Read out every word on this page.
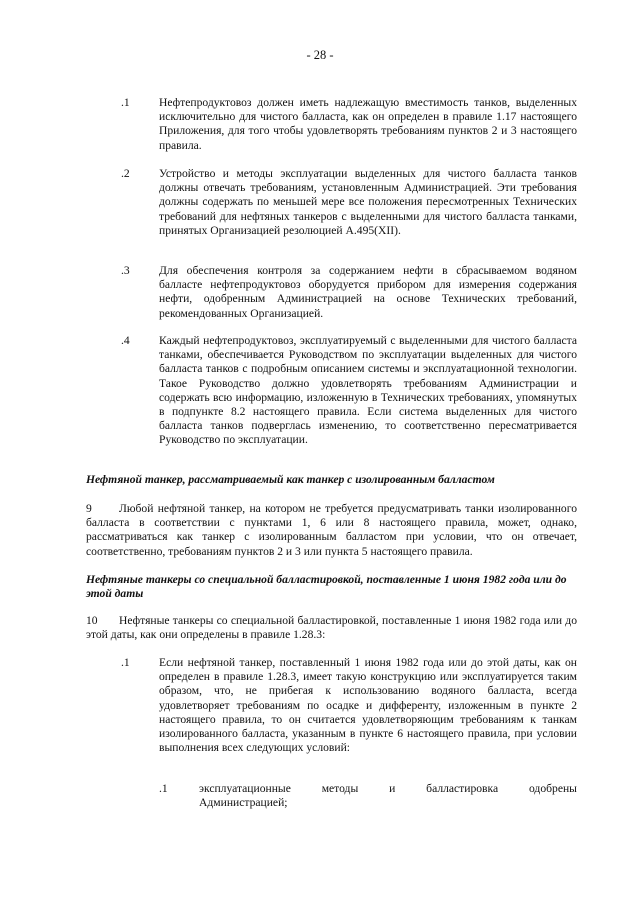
- 28 -
.1	Нефтепродуктовоз должен иметь надлежащую вместимость танков, выделенных исключительно для чистого балласта, как он определен в правиле 1.17 настоящего Приложения, для того чтобы удовлетворять требованиям пунктов 2 и 3 настоящего правила.
.2	Устройство и методы эксплуатации выделенных для чистого балласта танков должны отвечать требованиям, установленным Администрацией. Эти требования должны содержать по меньшей мере все положения пересмотренных Технических требований для нефтяных танкеров с выделенными для чистого балласта танками, принятых Организацией резолюцией А.495(XII).
.3	Для обеспечения контроля за содержанием нефти в сбрасываемом водяном балласте нефтепродуктовоз оборудуется прибором для измерения содержания нефти, одобренным Администрацией на основе Технических требований, рекомендованных Организацией.
.4	Каждый нефтепродуктовоз, эксплуатируемый с выделенными для чистого балласта танками, обеспечивается Руководством по эксплуатации выделенных для чистого балласта танков с подробным описанием системы и эксплуатационной технологии. Такое Руководство должно удовлетворять требованиям Администрации и содержать всю информацию, изложенную в Технических требованиях, упомянутых в подпункте 8.2 настоящего правила. Если система выделенных для чистого балласта танков подверглась изменению, то соответственно пересматривается Руководство по эксплуатации.
Нефтяной танкер, рассматриваемый как танкер с изолированным балластом
9	Любой нефтяной танкер, на котором не требуется предусматривать танки изолированного балласта в соответствии с пунктами 1, 6 или 8 настоящего правила, может, однако, рассматриваться как танкер с изолированным балластом при условии, что он отвечает, соответственно, требованиям пунктов 2 и 3 или пункта 5 настоящего правила.
Нефтяные танкеры со специальной балластировкой, поставленные 1 июня 1982 года или до этой даты
10	Нефтяные танкеры со специальной балластировкой, поставленные 1 июня 1982 года или до этой даты, как они определены в правиле 1.28.3:
.1	Если нефтяной танкер, поставленный 1 июня 1982 года или до этой даты, как он определен в правиле 1.28.3, имеет такую конструкцию или эксплуатируется таким образом, что, не прибегая к использованию водяного балласта, всегда удовлетворяет требованиям по осадке и дифференту, изложенным в пункте 2 настоящего правила, то он считается удовлетворяющим требованиям к танкам изолированного балласта, указанным в пункте 6 настоящего правила, при условии выполнения всех следующих условий:
.1	эксплуатационные	методы	и	балластировка	одобрены
Администрацией;
